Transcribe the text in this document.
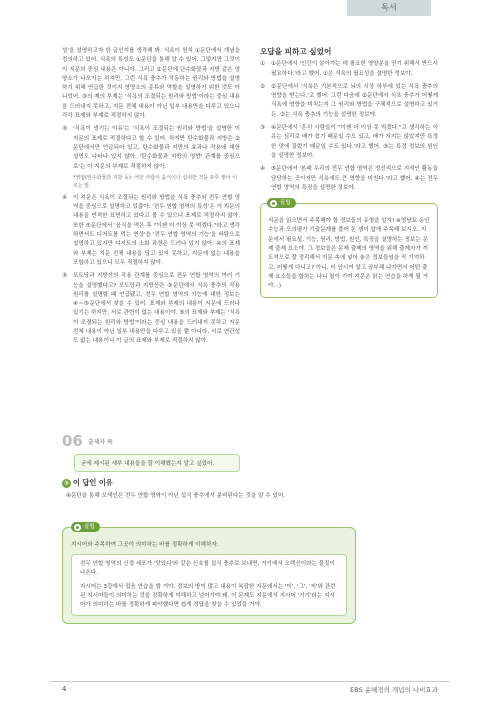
독서

성'을 설명하고자 한 글인지를 생각해 봐. 식욕이 원치 ①문단에서 개념을 정의하고 있어. 식욕의 특성도 ①문단을 통해 알 수 있어. 그렇지만 그것이 이 지문의 중심 내용은 아니야. 그리고 ②문단에 단수화물과 지방 같은 영양소가 나오기는 하지만, 그런 식욕 충추가 작동하는 원리와 방법을 설명하기 위해 언급한 것이지 영양소의 종류와 역할을 설명하기 위한 것도 아니었어. ③의 제의 부제는 '식욕의 조절되는 원리와 방법'이라는 중심 내용을 드러내지 못하고, 지문 전체 내용이 아닌 일부 내용만을 다루고 있으니 각각 표제와 부제로 적절하지 않아.

③	'식욕이 생기는 이유'는 '식욕이 조절되는 원리와 방법'을 설명한 이 지문의 표제로 적절하다고 할 수 있어. 하지만 탄수화물과 지방은 ②문단에서만 언급되어 있고, 탄수화물과 지방의 효과나 작용에 대한 설명도 나타나 있지 않아. '탄수화물과 지방의 영향' 관계를 중심으로'는 이 지문의 부제로 적절하지 않아.
*영양(탄수화물과 지방 등): 어떤 사람이 음식이나 섭취한 것을 두루 쌓아 이르는 말.
④	이 지문은 식욕이 조절되는 원리와 방법을 식욕 충추와 전두 연합 영역을 중심으로 설명하고 있잖아. '전두 연합 영역의 특성'은 이 지문의 내용을 반적한 표현하고 있다고 볼 수 있으니 표제로 적절하지 않아. 또한 ⑤문단에서 '음식을 먹은 후 "이젠 더 이상 못 먹겠다."라고 생각하면서도 디저트를 먹는 현상'을 '전두 연합 영역의 기능'을 바탕으로 설명하고 있지만 디저트의 소화 과정은 드러나 있지 않아. ④의 표제와 부제는 지문 전체 내용을 담고 있지 못하고, 지문에 없는 내용을 포함하고 있으니 모두 적절하지 않아.
⑤	포도당과 지방산의 작용 관계를 중심으로 전두 연합 영역의 여러 기능을 설명했다고? 포도당과 지방산은 ③문단에서 식욕 충추의 작용 원리를 설명할 때 언급됐고, 전두 연합 영역의 기능에 대한 정보는 ④~⑤문단에서 찾을 수 있어. 표제와 부제의 내용이 지문에 드러나 있기는 하지만, 서로 관련이 없는 내용이야. ⑤의 표제와 부제는 '식욕이 조절되는 원리와 방법'이라는 중심 내용을 드러내지 못하고 지문 전체 내용이 아닌 일부 내용만을 다루고 있을 뿐 아니라, 서로 연관성도 없는 내용이니 이 글의 표제와 부제로 적절하지 않아.
오답을 피하고 싶었어
①	①문단에서 '인간이 살아가는 데 필요한 영양분을 얻기 위해서 반드시 필요하다.'라고 했어. ①은 식욕의 필요성을 설명한 정보야.
②	②문단에서 '식욕은 기본적으로 뇌의 시상 하부에 있는 식욕 충추의 영향을 받는다.'고 했어. 그런 다음에 ②문단에서 식욕 충추가 어떻게 식욕에 영향을 미치는지 그 원리와 방법을 구체적으로 설명하고 있거든. ②는 식욕 충추의 기능을 설명한 정보야.
③	④문단에서 '흔히 사람들이 "이젠 더 이상 못 먹겠다."고 생각하는 이유는 심리로 배가 찼기 때문일 수도 있고, 배가 저지는 않았지만 특정한 맛에 질렸기 때문일 수도 있다.'라고 했어. ③는 특정 정보의 원인을 설명한 정보야.
④	⑤문단에서 '본래 우리의 전두 연합 영역은 정신적으로 지적인 활동을 담당하는 곳이지만 식욕에도 큰 영향을 미친다.'라고 했어. ④는 전두 연합 영역의 특징을 설명한 정보야.
꿀팁
지문을 읽으면서 주목해야 할 정보들의 유형을 알자! ※영남토 동안 수능과 모의평가 기출문제를 풀어 온 셈이 앞에 주목해 보시오. 지문에서 필요성, 기능, 원리, 방법, 원인, 특징을 설명하는 정보는 문제 출제 요소야. 그 정보들은 문제 출제의 영역을 위해 출제자가 끼도적으로 잘 정리해서 지문 속에 넣어 놓은 정보들임을 꼭 기억하고, 어떻게 다니고? 아니, 더 안시켜 알고 공부해 나가면서 어떤 출제 요소들을 합하는 나니 침이 기여 지문은 읽는 연습을 하게 될 거야. :)
06 출제자 특
굳에 제시된 세부 내용들을 잘 이해했는지 알고 싶었어.
③ 이 답인 이유
④문단을 통해 오색인은 전두 연합 영역이 아닌 섭식 충추에서 분비된다는 것을 알 수 있어.
꿀팁
지시어와 주목하여 그곳이 의미하는 바를 정확하게 이해하자.

전두 연합 영역의 신경 세포가 '맛있다'와 같은 신호를 섭식 충추로 보내면, 거기에서 오렉신이라는 물질이 나온다.

지시어는 3강에서 접음 연습을 할 거야. 정보의 방이 많고 내용이 복잡한 지문에서는 '이', '그', '저'와 관련된 지시어들이 의미하는 것을 정확하게 이해하고 넘어가야 돼. 이 문제도 지문에서 지시어 '거기'라는 지시어가 의미하는 바를 정확하게 파악했다면 쉽게 정답을 찾을 수 있었을 거야.

4	EBS 윤혜정의 개념의 나비효과
